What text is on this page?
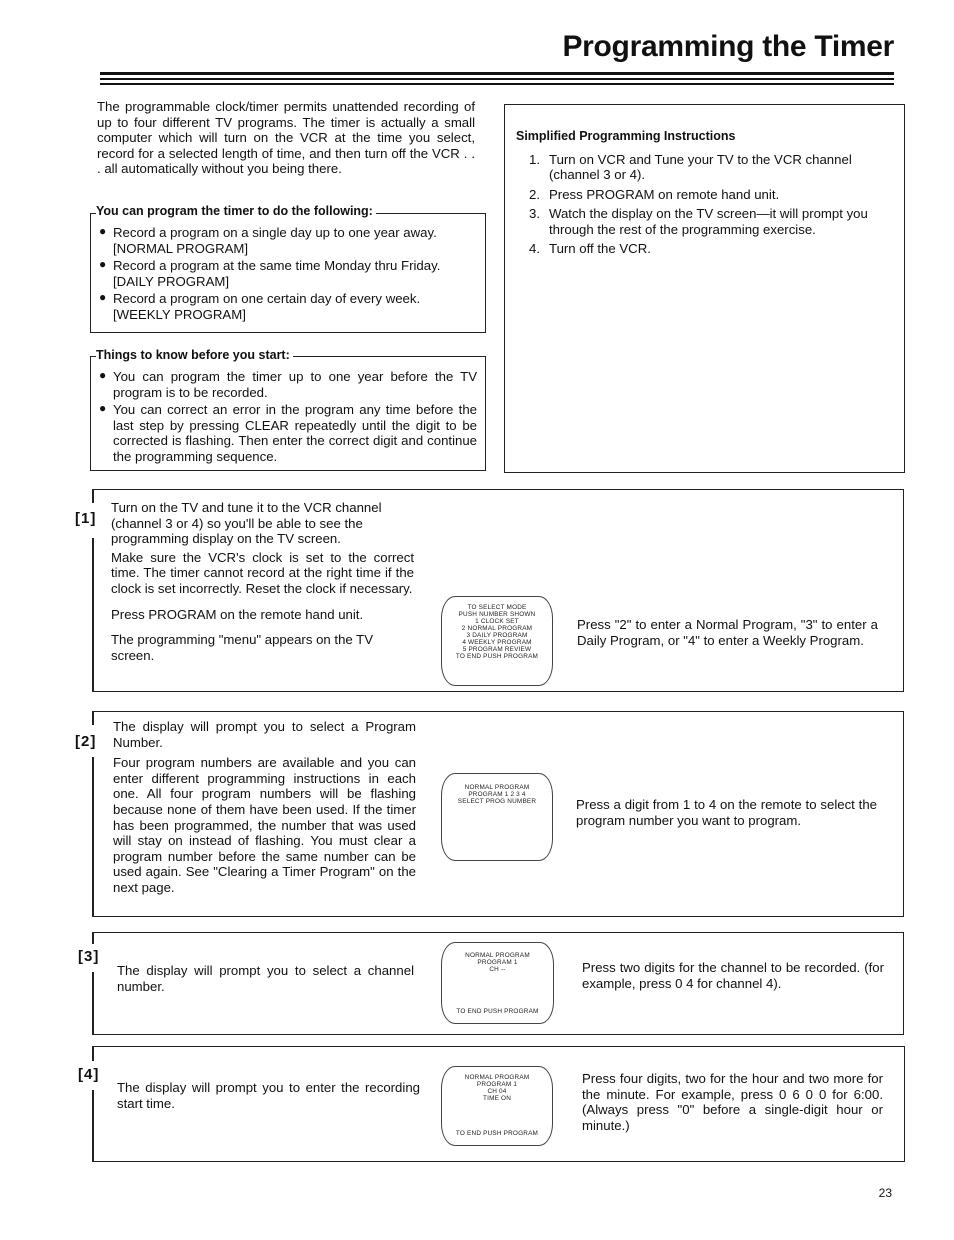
Programming the Timer
The programmable clock/timer permits unattended recording of up to four different TV programs. The timer is actually a small computer which will turn on the VCR at the time you select, record for a selected length of time, and then turn off the VCR . . . all automatically without you being there.
You can program the timer to do the following:
● Record a program on a single day up to one year away. [NORMAL PROGRAM]
● Record a program at the same time Monday thru Friday. [DAILY PROGRAM]
● Record a program on one certain day of every week. [WEEKLY PROGRAM]
Things to know before you start:
● You can program the timer up to one year before the TV program is to be recorded.
● You can correct an error in the program any time before the last step by pressing CLEAR repeatedly until the digit to be corrected is flashing. Then enter the correct digit and continue the programming sequence.
Simplified Programming Instructions
1. Turn on VCR and Tune your TV to the VCR channel (channel 3 or 4).
2. Press PROGRAM on remote hand unit.
3. Watch the display on the TV screen—it will prompt you through the rest of the programming exercise.
4. Turn off the VCR.
[1]
Turn on the TV and tune it to the VCR channel (channel 3 or 4) so you'll be able to see the programming display on the TV screen.
Make sure the VCR's clock is set to the correct time. The timer cannot record at the right time if the clock is set incorrectly. Reset the clock if necessary.
Press PROGRAM on the remote hand unit.
The programming "menu" appears on the TV screen.
TO SELECT MODE
PUSH NUMBER SHOWN
1 CLOCK SET
2 NORMAL PROGRAM
3 DAILY PROGRAM
4 WEEKLY PROGRAM
5 PROGRAM REVIEW
TO END PUSH PROGRAM
Press "2" to enter a Normal Program, "3" to enter a Daily Program, or "4" to enter a Weekly Program.
[2]
The display will prompt you to select a Program Number.
Four program numbers are available and you can enter different programming instructions in each one. All four program numbers will be flashing because none of them have been used. If the timer has been programmed, the number that was used will stay on instead of flashing. You must clear a program number before the same number can be used again. See "Clearing a Timer Program" on the next page.
NORMAL PROGRAM
PROGRAM 1 2 3 4
SELECT PROG NUMBER	Press a digit from 1 to 4 on the remote to select the program number you want to program.
[3]
The display will prompt you to select a channel number.
NORMAL PROGRAM
PROGRAM 1
CH --
TO END PUSH PROGRAM
Press two digits for the channel to be recorded. (for example, press 0 4 for channel 4).
[4]
The display will prompt you to enter the recording start time.
NORMAL PROGRAM
PROGRAM 1
CH 04
TIME ON
TO END PUSH PROGRAM
Press four digits, two for the hour and two more for the minute. For example, press 0 6 0 0 for 6:00. (Always press "0" before a single-digit hour or minute.)
23
